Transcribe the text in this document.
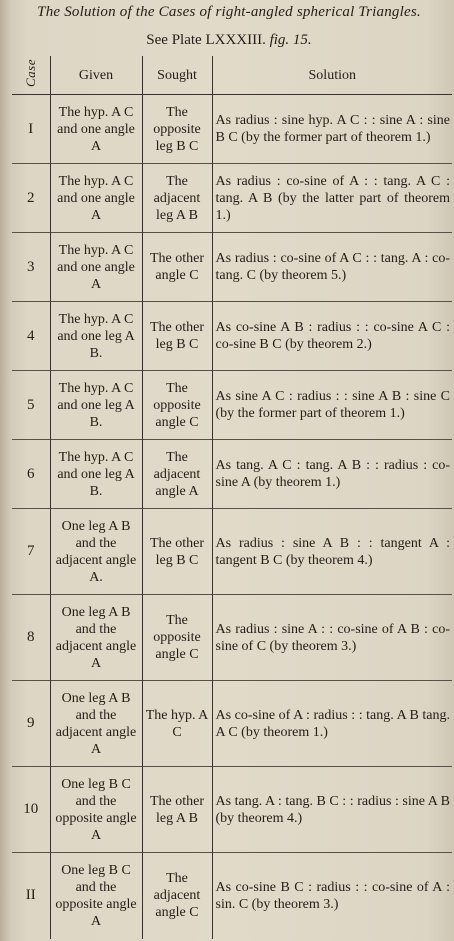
The Solution of the Cases of right-angled spherical Triangles.
See Plate LXXXIII. fig. 15.
Case	Given	Sought	Solution
I	The hyp. A C and one angle A	The opposite leg B C	As radius : sine hyp. A C : : sine A : sine B C (by the former part of theorem 1.)
2	The hyp. A C and one angle A	The adjacent leg A B	As radius : co-sine of A : : tang. A C : tang. A B (by the latter part of theorem 1.)
3	The hyp. A C and one angle A	The other angle C	As radius : co-sine of A C : : tang. A : co-tang. C (by theorem 5.)
4	The hyp. A C and one leg A B.	The other leg B C	As co-sine A B : radius : : co-sine A C : co-sine B C (by theorem 2.)
5	The hyp. A C and one leg A B.	The opposite angle C	As sine A C : radius : : sine A B : sine C (by the former part of theorem 1.)
6	The hyp. A C and one leg A B.	The adjacent angle A	As tang. A C : tang. A B : : radius : co-sine A (by theorem 1.)
7	One leg A B and the adjacent angle A.	The other leg B C	As radius : sine A B : : tangent A : tangent B C (by theorem 4.)
8	One leg A B and the adjacent angle A	The opposite angle C	As radius : sine A : : co-sine of A B : co-sine of C (by theorem 3.)
9	One leg A B and the adjacent angle A	The hyp. A C	As co-sine of A : radius : : tang. A B tang. A C (by theorem 1.)
10	One leg B C and the opposite angle A	The other leg A B	As tang. A : tang. B C : : radius : sine A B (by theorem 4.)
II	One leg B C and the opposite angle A	The adjacent angle C	As co-sine B C : radius : : co-sine of A : sin. C (by theorem 3.)
